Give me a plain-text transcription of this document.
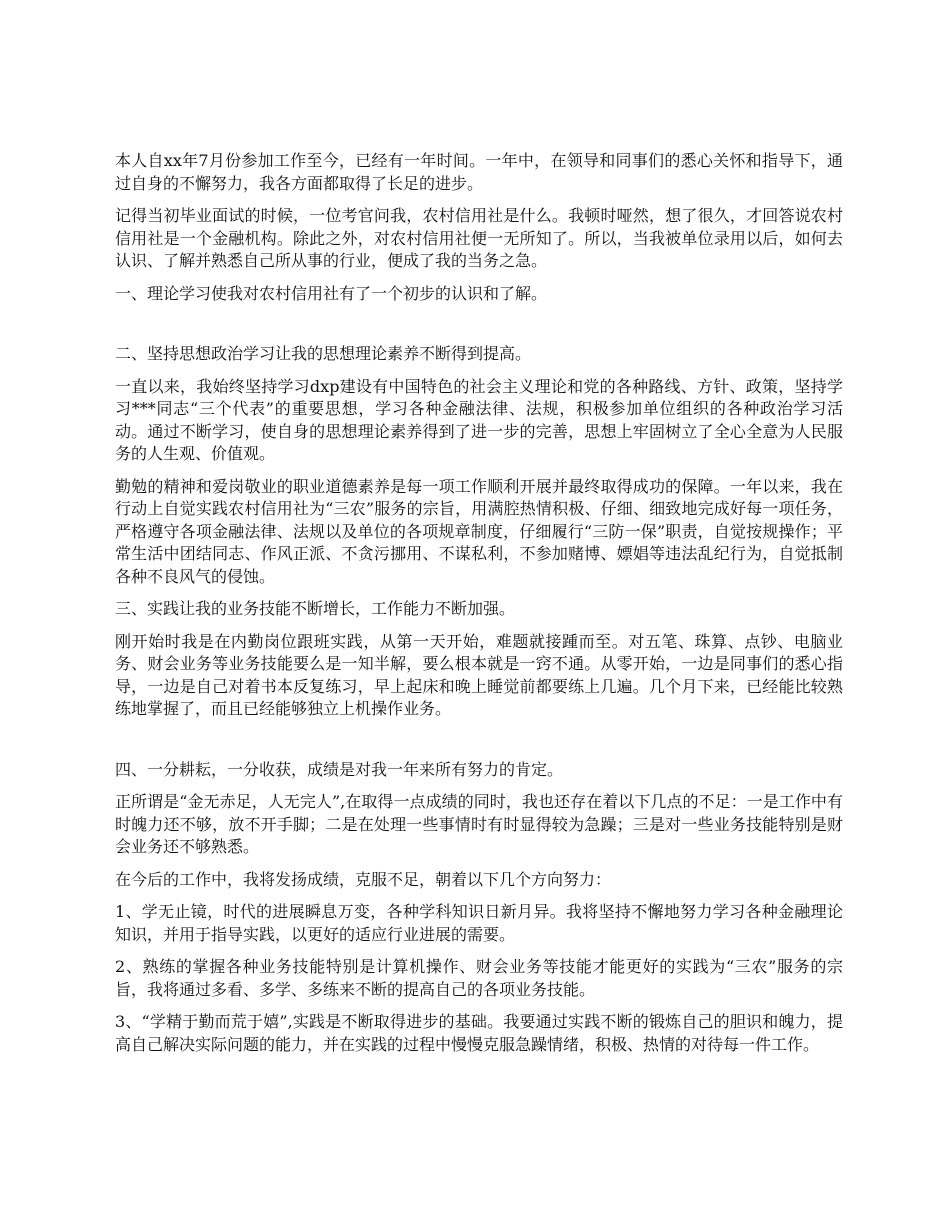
本人自xx年7月份参加工作至今，已经有一年时间。一年中，在领导和同事们的悉心关怀和指导下，通过自身的不懈努力，我各方面都取得了长足的进步。

记得当初毕业面试的时候，一位考官问我，农村信用社是什么。我顿时哑然，想了很久，才回答说农村信用社是一个金融机构。除此之外，对农村信用社便一无所知了。所以，当我被单位录用以后，如何去认识、了解并熟悉自己所从事的行业，便成了我的当务之急。

一、理论学习使我对农村信用社有了一个初步的认识和了解。

二、坚持思想政治学习让我的思想理论素养不断得到提高。

一直以来，我始终坚持学习dxp建设有中国特色的社会主义理论和党的各种路线、方针、政策，坚持学习***同志“三个代表”的重要思想，学习各种金融法律、法规，积极参加单位组织的各种政治学习活动。通过不断学习，使自身的思想理论素养得到了进一步的完善，思想上牢固树立了全心全意为人民服务的人生观、价值观。

勤勉的精神和爱岗敬业的职业道德素养是每一项工作顺利开展并最终取得成功的保障。一年以来，我在行动上自觉实践农村信用社为“三农”服务的宗旨，用满腔热情积极、仔细、细致地完成好每一项任务，严格遵守各项金融法律、法规以及单位的各项规章制度，仔细履行“三防一保”职责，自觉按规操作；平常生活中团结同志、作风正派、不贪污挪用、不谋私利，不参加赌博、嫖娼等违法乱纪行为，自觉抵制各种不良风气的侵蚀。

三、实践让我的业务技能不断增长，工作能力不断加强。

刚开始时我是在内勤岗位跟班实践，从第一天开始，难题就接踵而至。对五笔、珠算、点钞、电脑业务、财会业务等业务技能要么是一知半解，要么根本就是一窍不通。从零开始，一边是同事们的悉心指导，一边是自己对着书本反复练习，早上起床和晚上睡觉前都要练上几遍。几个月下来，已经能比较熟练地掌握了，而且已经能够独立上机操作业务。

四、一分耕耘，一分收获，成绩是对我一年来所有努力的肯定。

正所谓是“金无赤足，人无完人”,在取得一点成绩的同时，我也还存在着以下几点的不足：一是工作中有时魄力还不够，放不开手脚；二是在处理一些事情时有时显得较为急躁；三是对一些业务技能特别是财会业务还不够熟悉。

在今后的工作中，我将发扬成绩，克服不足，朝着以下几个方向努力：

1、学无止镜，时代的进展瞬息万变，各种学科知识日新月异。我将坚持不懈地努力学习各种金融理论知识，并用于指导实践，以更好的适应行业进展的需要。

2、熟练的掌握各种业务技能特别是计算机操作、财会业务等技能才能更好的实践为“三农”服务的宗旨，我将通过多看、多学、多练来不断的提高自己的各项业务技能。

3、“学精于勤而荒于嬉”,实践是不断取得进步的基础。我要通过实践不断的锻炼自己的胆识和魄力，提高自己解决实际问题的能力，并在实践的过程中慢慢克服急躁情绪，积极、热情的对待每一件工作。
